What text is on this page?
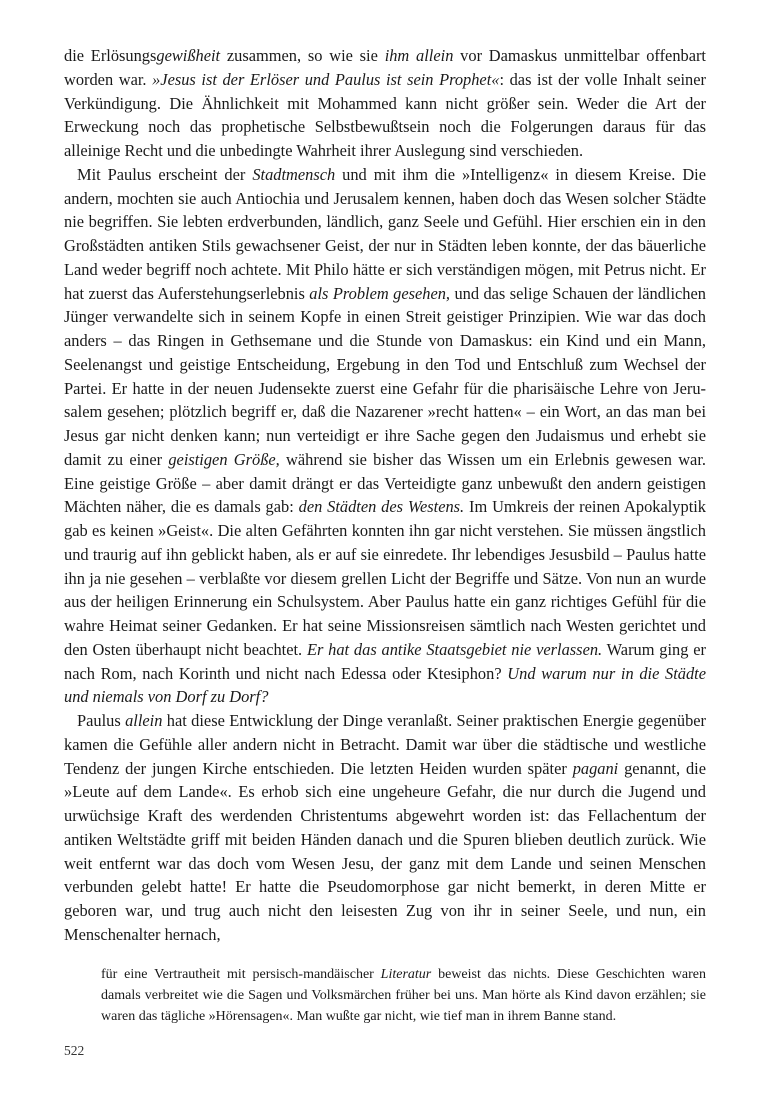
die Erlösungsgewißheit zusammen, so wie sie ihm allein vor Damaskus unmittelbar offenbart worden war. »Jesus ist der Erlöser und Paulus ist sein Prophet«: das ist der volle Inhalt seiner Verkündigung. Die Ähnlichkeit mit Mohammed kann nicht größer sein. Weder die Art der Erweckung noch das prophetische Selbstbewußtsein noch die Folgerungen daraus für das alleinige Recht und die unbedingte Wahrheit ihrer Auslegung sind verschieden.

Mit Paulus erscheint der Stadtmensch und mit ihm die »Intelligenz« in diesem Kreise. Die andern, mochten sie auch Antiochia und Jerusalem kennen, haben doch das Wesen solcher Städte nie begriffen. Sie lebten erdverbunden, ländlich, ganz Seele und Gefühl. Hier erschien ein in den Großstädten antiken Stils gewachsener Geist, der nur in Städten leben konnte, der das bäuerliche Land weder begriff noch achtete. Mit Philo hätte er sich verständigen mögen, mit Petrus nicht. Er hat zuerst das Auferstehungserlebnis als Problem gesehen, und das selige Schauen der ländlichen Jünger verwandelte sich in seinem Kopfe in einen Streit geistiger Prinzipien. Wie war das doch anders – das Ringen in Gethsemane und die Stunde von Damaskus: ein Kind und ein Mann, Seelenangst und geistige Entscheidung, Ergebung in den Tod und Entschluß zum Wechsel der Partei. Er hatte in der neuen Judensekte zuerst eine Gefahr für die pharisäische Lehre von Jerusalem gesehen; plötzlich begriff er, daß die Nazarener »recht hatten« – ein Wort, an das man bei Jesus gar nicht denken kann; nun verteidigt er ihre Sache gegen den Judaismus und erhebt sie damit zu einer geistigen Größe, während sie bisher das Wissen um ein Erlebnis gewesen war. Eine geistige Größe – aber damit drängt er das Verteidigte ganz unbewußt den andern geistigen Mächten näher, die es damals gab: den Städten des Westens. Im Umkreis der reinen Apokalyptik gab es keinen »Geist«. Die alten Gefährten konnten ihn gar nicht verstehen. Sie müssen ängstlich und traurig auf ihn geblickt haben, als er auf sie einredete. Ihr lebendiges Jesusbild – Paulus hatte ihn ja nie gesehen – verblaßte vor diesem grellen Licht der Begriffe und Sätze. Von nun an wurde aus der heiligen Erinnerung ein Schulsystem. Aber Paulus hatte ein ganz richtiges Gefühl für die wahre Heimat seiner Gedanken. Er hat seine Missionsreisen sämtlich nach Westen gerichtet und den Osten überhaupt nicht beachtet. Er hat das antike Staatsgebiet nie verlassen. Warum ging er nach Rom, nach Korinth und nicht nach Edessa oder Ktesiphon? Und warum nur in die Städte und niemals von Dorf zu Dorf?

Paulus allein hat diese Entwicklung der Dinge veranlaßt. Seiner praktischen Energie gegenüber kamen die Gefühle aller andern nicht in Betracht. Damit war über die städtische und westliche Tendenz der jungen Kirche entschieden. Die letzten Heiden wurden später pagani genannt, die »Leute auf dem Lande«. Es erhob sich eine ungeheure Gefahr, die nur durch die Jugend und urwüchsige Kraft des werdenden Christentums abgewehrt worden ist: das Fellachentum der antiken Weltstädte griff mit beiden Händen danach und die Spuren blieben deutlich zurück. Wie weit entfernt war das doch vom Wesen Jesu, der ganz mit dem Lande und seinen Menschen verbunden gelebt hatte! Er hatte die Pseudomorphose gar nicht bemerkt, in deren Mitte er geboren war, und trug auch nicht den leisesten Zug von ihr in seiner Seele, und nun, ein Menschenalter hernach,

für eine Vertrautheit mit persisch-mandäischer Literatur beweist das nichts. Diese Geschichten waren damals verbreitet wie die Sagen und Volksmärchen früher bei uns. Man hörte als Kind davon erzählen; sie waren das tägliche »Hörensagen«. Man wußte gar nicht, wie tief man in ihrem Banne stand.

522
